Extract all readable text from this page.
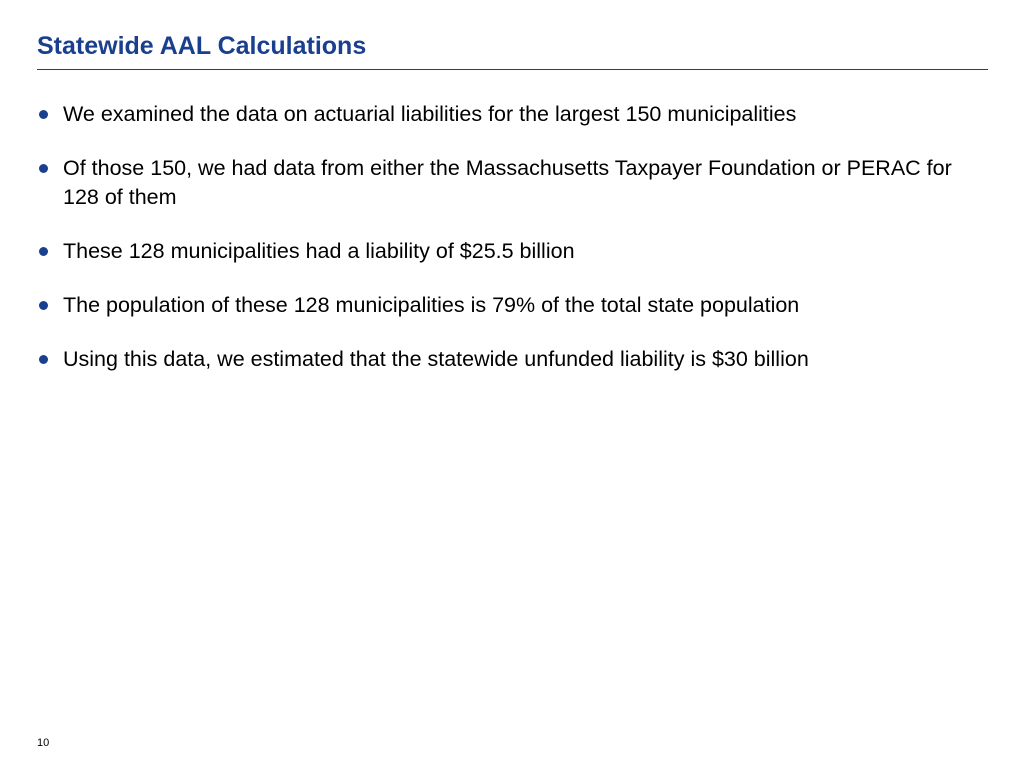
Statewide AAL Calculations
We examined the data on actuarial liabilities for the largest 150 municipalities
Of those 150, we had data from either the Massachusetts Taxpayer Foundation or PERAC for 128 of them
These 128 municipalities had a liability of $25.5 billion
The population of these 128 municipalities is 79% of the total state population
Using this data, we estimated that the statewide unfunded liability is $30 billion
10
